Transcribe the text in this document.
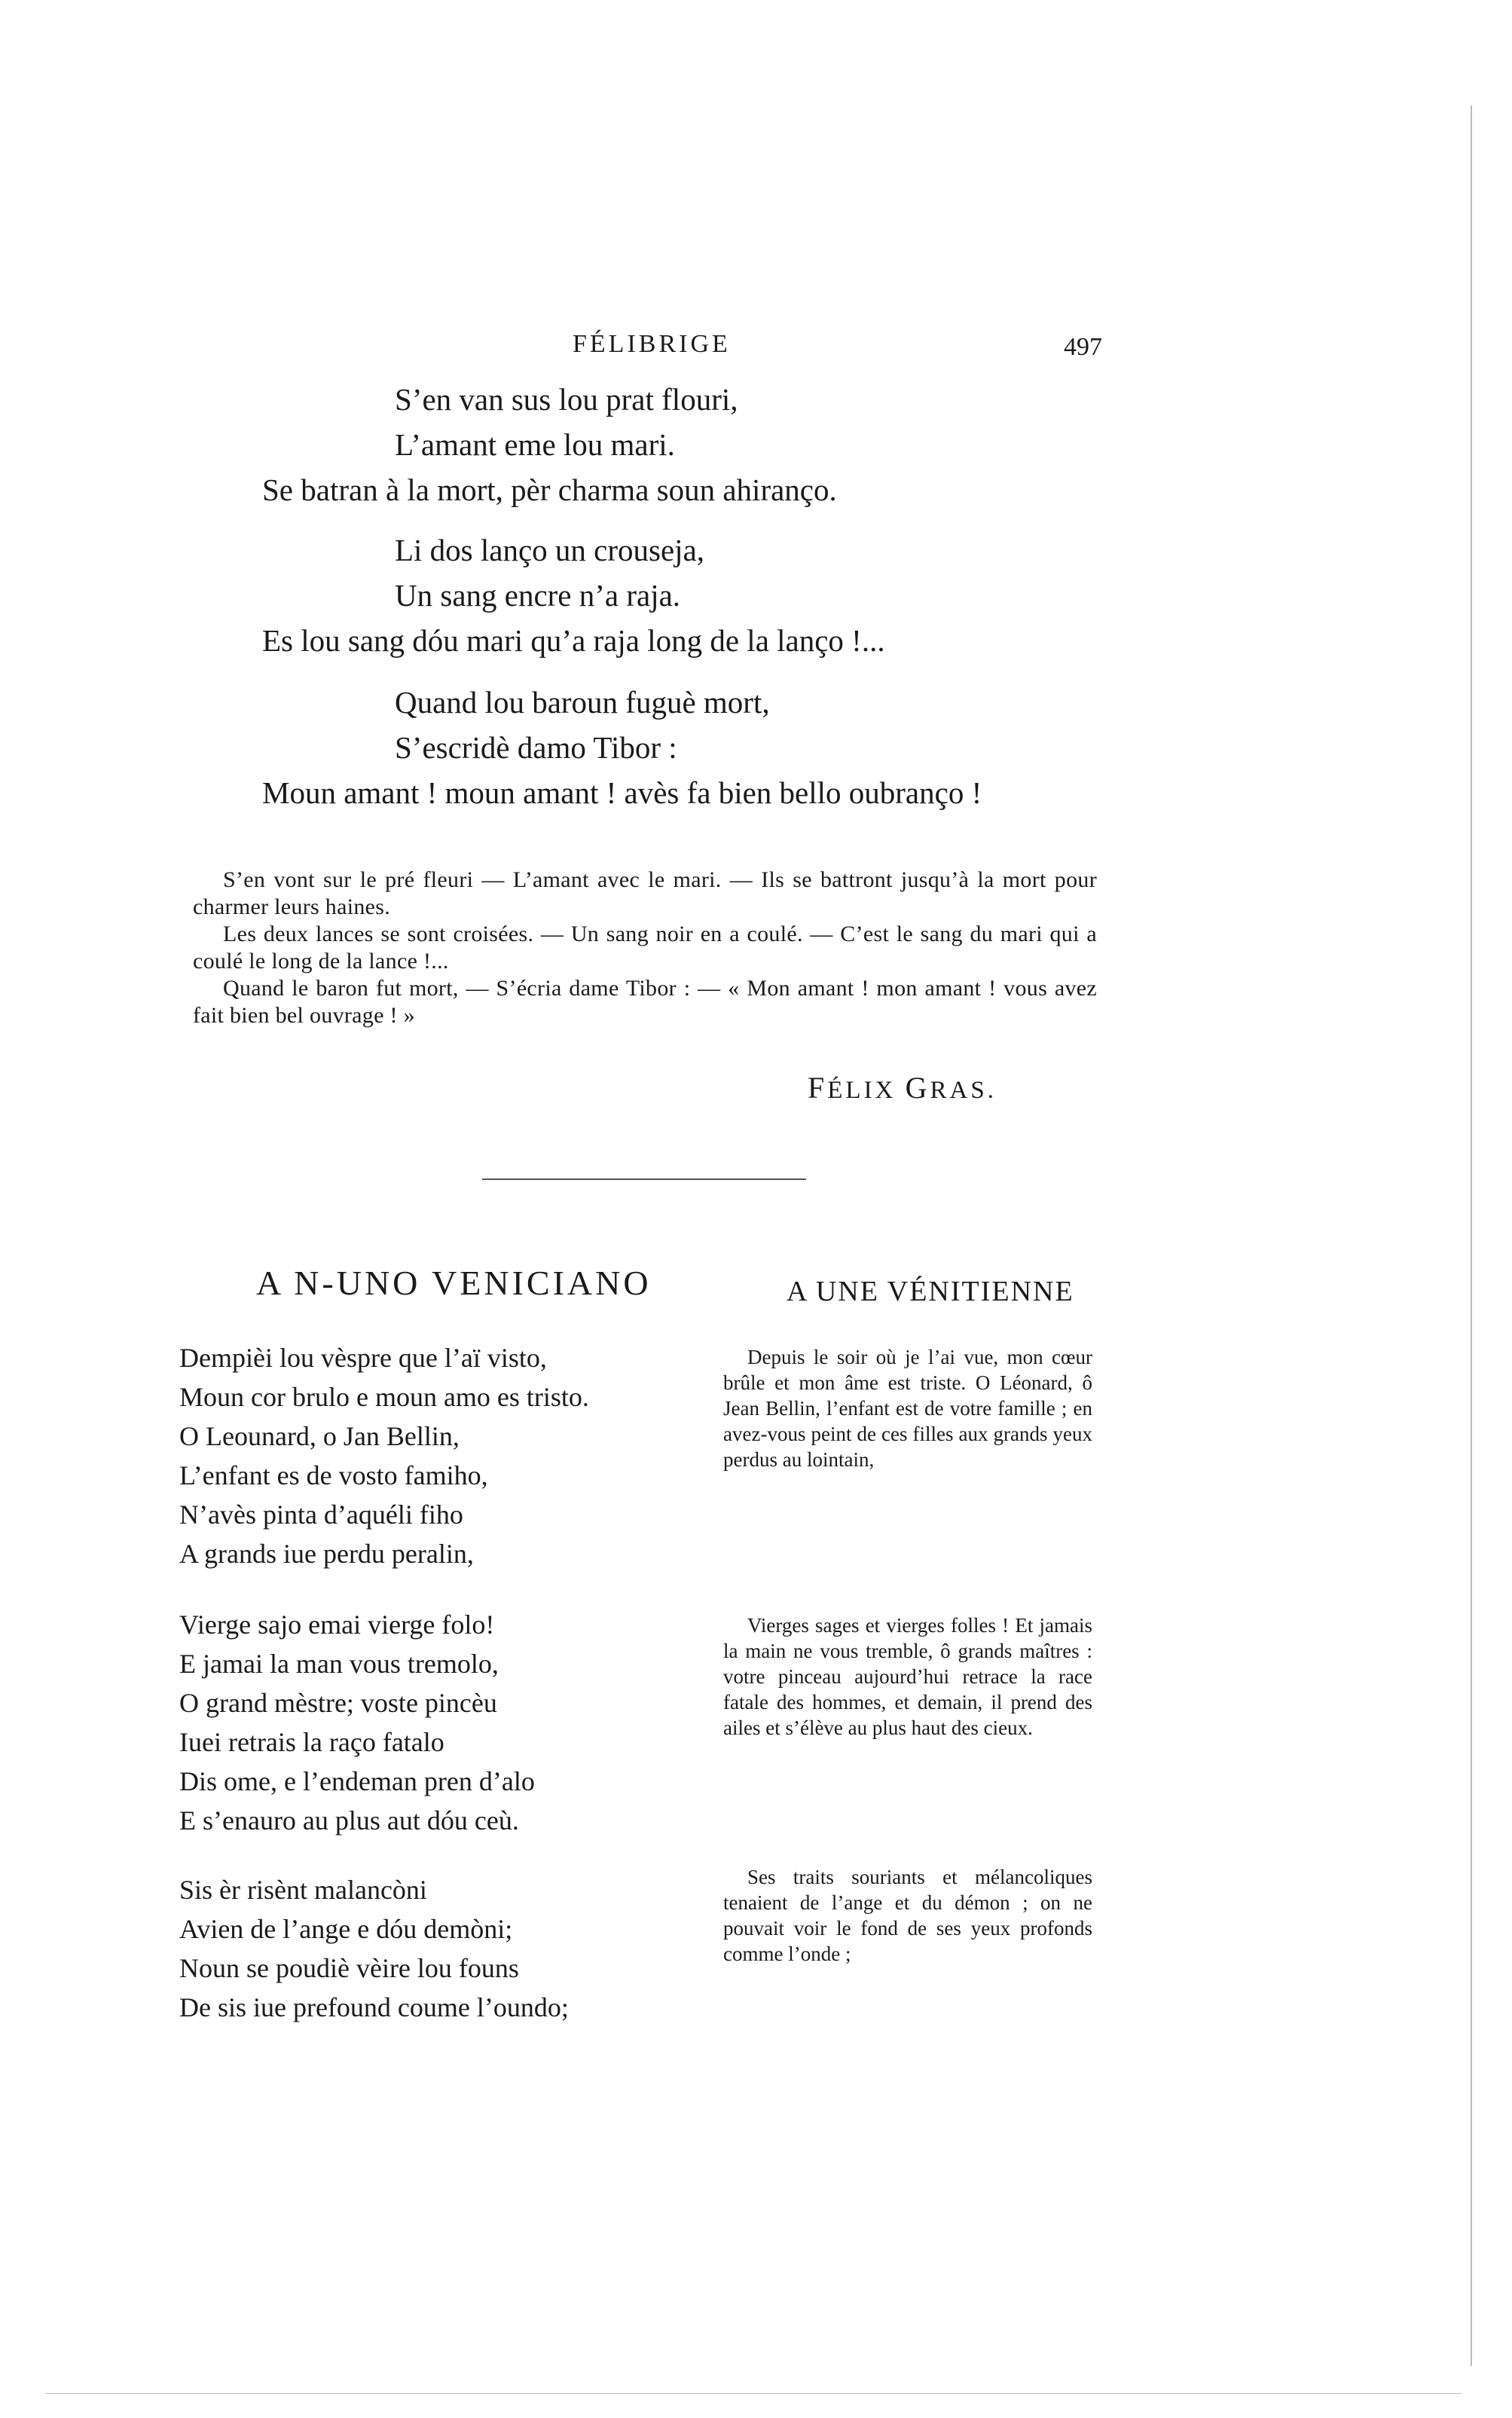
FÉLIBRIGE	497
S’en van sus lou prat flouri,
L’amant eme lou mari.
Se batran à la mort, pèr charma soun ahiranço.
Li dos lanço un crouseja,
Un sang encre n’a raja.
Es lou sang dóu mari qu’a raja long de la lanço !...
Quand lou baroun fuguè mort,
S’escridè damo Tibor :
Moun amant ! moun amant ! avès fa bien bello oubranço !

S’en vont sur le pré fleuri — L’amant avec le mari. — Ils se battront jusqu’à la mort pour charmer leurs haines.

Les deux lances se sont croisées. — Un sang noir en a coulé. — C’est le sang du mari qui a coulé le long de la lance !...

Quand le baron fut mort, — S’écria dame Tibor : — « Mon amant ! mon amant ! vous avez fait bien bel ouvrage ! »

FÉLIX GRAS.
A N-UNO VENICIANO	A UNE VÉNITIENNE
Dempièi lou vèspre que l’aï visto,
Moun cor brulo e moun amo es tristo.
O Leounard, o Jan Bellin,
L’enfant es de vosto famiho,
N’avès pinta d’aquéli fiho
A grands iue perdu peralin,
Vierge sajo emai vierge folo!
E jamai la man vous tremolo,
O grand mèstre; voste pincèu
Iuei retrais la raço fatalo
Dis ome, e l’endeman pren d’alo
E s’enauro au plus aut dóu ceù.
Sis èr risènt malancòni
Avien de l’ange e dóu demòni;
Noun se poudiè vèire lou founs
De sis iue prefound coume l’oundo;

Depuis le soir où je l’ai vue, mon cœur brûle et mon âme est triste. O Léonard, ô Jean Bellin, l’enfant est de votre famille ; en avez-vous peint de ces filles aux grands yeux perdus au lointain,

Vierges sages et vierges folles ! Et jamais la main ne vous tremble, ô grands maîtres : votre pinceau aujourd’hui retrace la race fatale des hommes, et demain, il prend des ailes et s’élève au plus haut des cieux.

Ses traits souriants et mélancoliques tenaient de l’ange et du démon ; on ne pouvait voir le fond de ses yeux profonds comme l’onde ;
